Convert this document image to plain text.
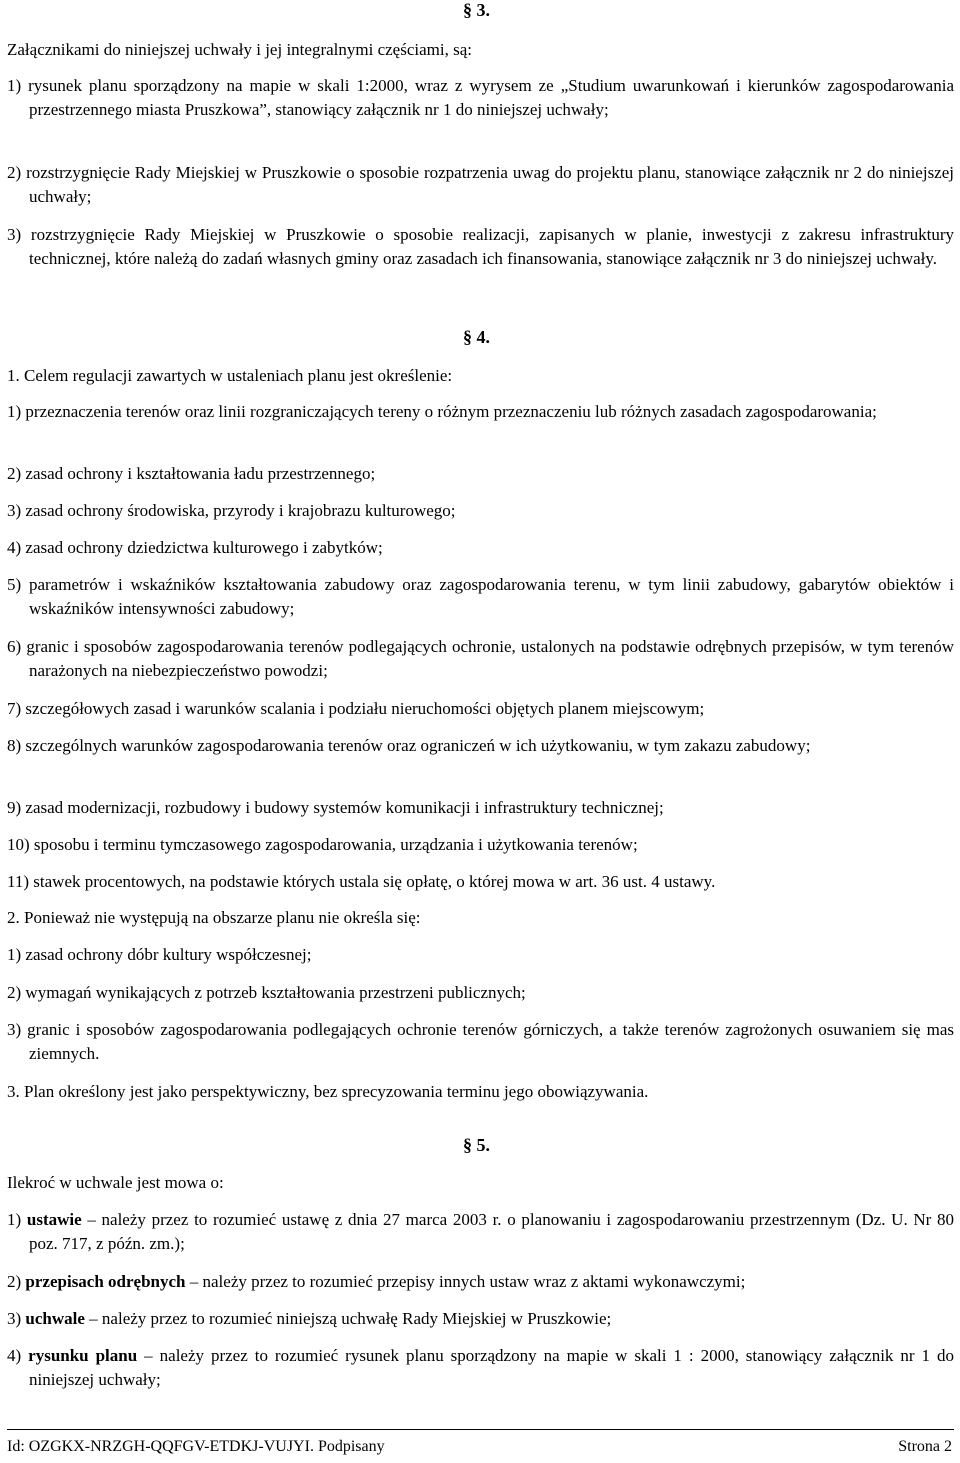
§ 3.
Załącznikami do niniejszej uchwały i jej integralnymi częściami, są:
1) rysunek planu sporządzony na mapie w skali 1:2000, wraz z wyrysem ze „Studium uwarunkowań i kierunków zagospodarowania przestrzennego miasta Pruszkowa”, stanowiący załącznik nr 1 do niniejszej uchwały;
2) rozstrzygnięcie Rady Miejskiej w Pruszkowie o sposobie rozpatrzenia uwag do projektu planu, stanowiące załącznik nr 2 do niniejszej uchwały;
3) rozstrzygnięcie Rady Miejskiej w Pruszkowie o sposobie realizacji, zapisanych w planie, inwestycji z zakresu infrastruktury technicznej, które należą do zadań własnych gminy oraz zasadach ich finansowania, stanowiące załącznik nr 3 do niniejszej uchwały.
§ 4.
1. Celem regulacji zawartych w ustaleniach planu jest określenie:
1) przeznaczenia terenów oraz linii rozgraniczających tereny o różnym przeznaczeniu lub różnych zasadach zagospodarowania;
2) zasad ochrony i kształtowania ładu przestrzennego;
3) zasad ochrony środowiska, przyrody i krajobrazu kulturowego;
4) zasad ochrony dziedzictwa kulturowego i zabytków;
5) parametrów i wskaźników kształtowania zabudowy oraz zagospodarowania terenu, w tym linii zabudowy, gabarytów obiektów i wskaźników intensywności zabudowy;
6) granic i sposobów zagospodarowania terenów podlegających ochronie, ustalonych na podstawie odrębnych przepisów, w tym terenów narażonych na niebezpieczeństwo powodzi;
7) szczegółowych zasad i warunków scalania i podziału nieruchomości objętych planem miejscowym;
8) szczególnych warunków zagospodarowania terenów oraz ograniczeń w ich użytkowaniu, w tym zakazu zabudowy;
9) zasad modernizacji, rozbudowy i budowy systemów komunikacji i infrastruktury technicznej;
10) sposobu i terminu tymczasowego zagospodarowania, urządzania i użytkowania terenów;
11) stawek procentowych, na podstawie których ustala się opłatę, o której mowa w art. 36 ust. 4 ustawy.
2. Ponieważ nie występują na obszarze planu nie określa się:
1) zasad ochrony dóbr kultury współczesnej;
2) wymagań wynikających z potrzeb kształtowania przestrzeni publicznych;
3) granic i sposobów zagospodarowania podlegających ochronie terenów górniczych, a także terenów zagrożonych osuwaniem się mas ziemnych.
3. Plan określony jest jako perspektywiczny, bez sprecyzowania terminu jego obowiązywania.
§ 5.
Ilekroć w uchwale jest mowa o:
1) ustawie – należy przez to rozumieć ustawę z dnia 27 marca 2003 r. o planowaniu i zagospodarowaniu przestrzennym (Dz. U. Nr 80 poz. 717, z późn. zm.);
2) przepisach odrębnych – należy przez to rozumieć przepisy innych ustaw wraz z aktami wykonawczymi;
3) uchwale – należy przez to rozumieć niniejszą uchwałę Rady Miejskiej w Pruszkowie;
4) rysunku planu – należy przez to rozumieć rysunek planu sporządzony na mapie w skali 1 : 2000, stanowiący załącznik nr 1 do niniejszej uchwały;
Id: OZGKX-NRZGH-QQFGV-ETDKJ-VUJYI. Podpisany	Strona 2
